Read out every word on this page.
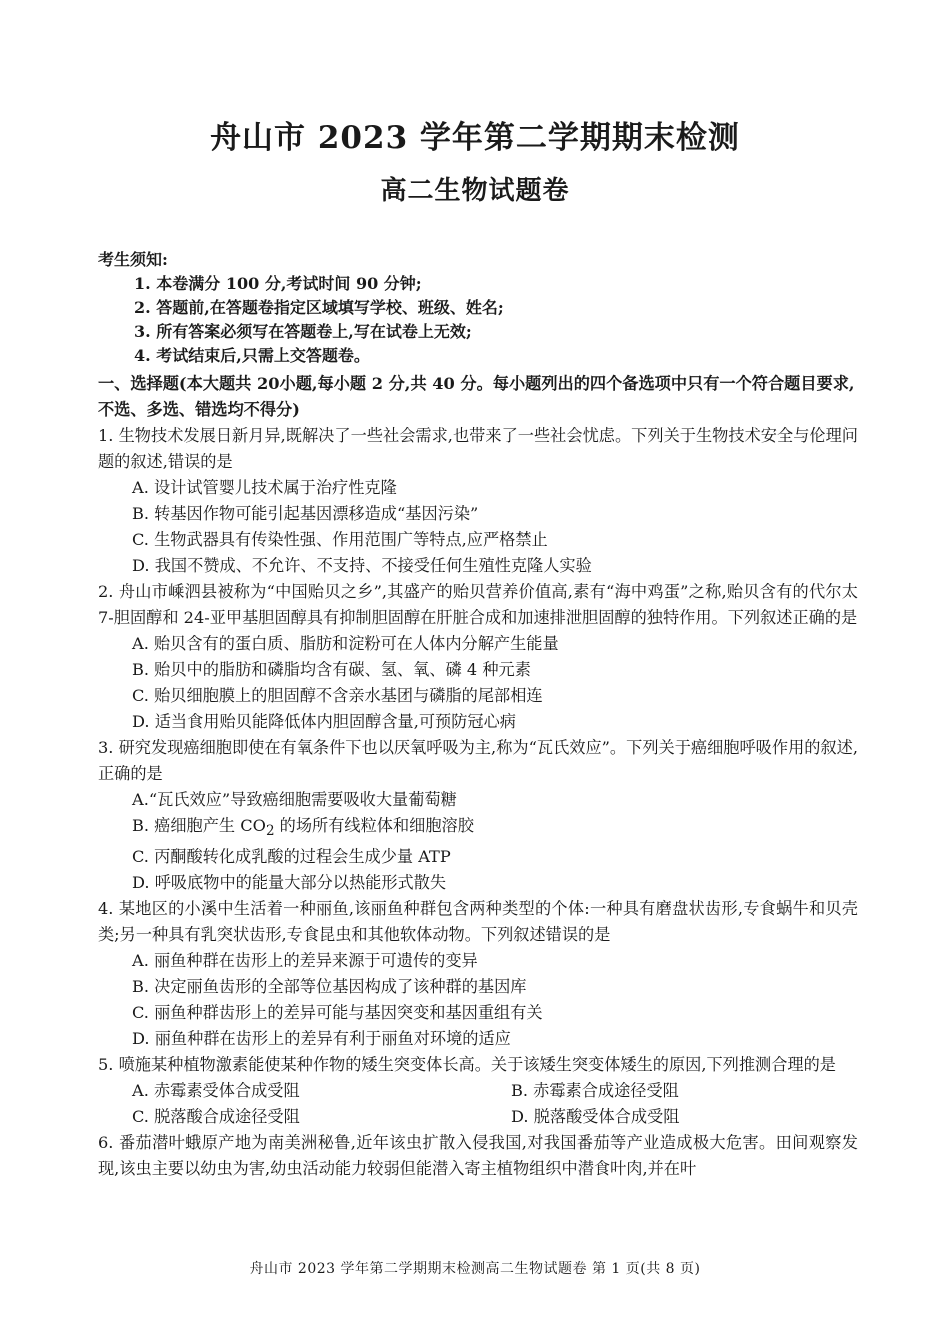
舟山市 2023 学年第二学期期末检测
高二生物试题卷
考生须知:
1. 本卷满分 100 分,考试时间 90 分钟;
2. 答题前,在答题卷指定区域填写学校、班级、姓名;
3. 所有答案必须写在答题卷上,写在试卷上无效;
4. 考试结束后,只需上交答题卷。
一、选择题(本大题共 20小题,每小题 2 分,共 40 分。每小题列出的四个备选项中只有一个符合题目要求,不选、多选、错选均不得分)
1. 生物技术发展日新月异,既解决了一些社会需求,也带来了一些社会忧虑。下列关于生物技术安全与伦理问题的叙述,错误的是
A. 设计试管婴儿技术属于治疗性克隆
B. 转基因作物可能引起基因漂移造成“基因污染”
C. 生物武器具有传染性强、作用范围广等特点,应严格禁止
D. 我国不赞成、不允许、不支持、不接受任何生殖性克隆人实验
2. 舟山市嵊泗县被称为“中国贻贝之乡”,其盛产的贻贝营养价值高,素有“海中鸡蛋”之称,贻贝含有的代尔太 7-胆固醇和 24-亚甲基胆固醇具有抑制胆固醇在肝脏合成和加速排泄胆固醇的独特作用。下列叙述正确的是
A. 贻贝含有的蛋白质、脂肪和淀粉可在人体内分解产生能量
B. 贻贝中的脂肪和磷脂均含有碳、氢、氧、磷 4 种元素
C. 贻贝细胞膜上的胆固醇不含亲水基团与磷脂的尾部相连
D. 适当食用贻贝能降低体内胆固醇含量,可预防冠心病
3. 研究发现癌细胞即使在有氧条件下也以厌氧呼吸为主,称为“瓦氏效应”。下列关于癌细胞呼吸作用的叙述,正确的是
A.“瓦氏效应”导致癌细胞需要吸收大量葡萄糖
B. 癌细胞产生 $CO_2$ 的场所有线粒体和细胞溶胶
C. 丙酮酸转化成乳酸的过程会生成少量 ATP
D. 呼吸底物中的能量大部分以热能形式散失
4. 某地区的小溪中生活着一种丽鱼,该丽鱼种群包含两种类型的个体:一种具有磨盘状齿形,专食蜗牛和贝壳类;另一种具有乳突状齿形,专食昆虫和其他软体动物。下列叙述错误的是
A. 丽鱼种群在齿形上的差异来源于可遗传的变异
B. 决定丽鱼齿形的全部等位基因构成了该种群的基因库
C. 丽鱼种群齿形上的差异可能与基因突变和基因重组有关
D. 丽鱼种群在齿形上的差异有利于丽鱼对环境的适应
5. 喷施某种植物激素能使某种作物的矮生突变体长高。关于该矮生突变体矮生的原因,下列推测合理的是
A. 赤霉素受体合成受阻	B. 赤霉素合成途径受阻
C. 脱落酸合成途径受阻	D. 脱落酸受体合成受阻
6. 番茄潜叶蛾原产地为南美洲秘鲁,近年该虫扩散入侵我国,对我国番茄等产业造成极大危害。田间观察发现,该虫主要以幼虫为害,幼虫活动能力较弱但能潜入寄主植物组织中潜食叶肉,并在叶
舟山市 2023 学年第二学期期末检测高二生物试题卷 第 1 页(共 8 页)
